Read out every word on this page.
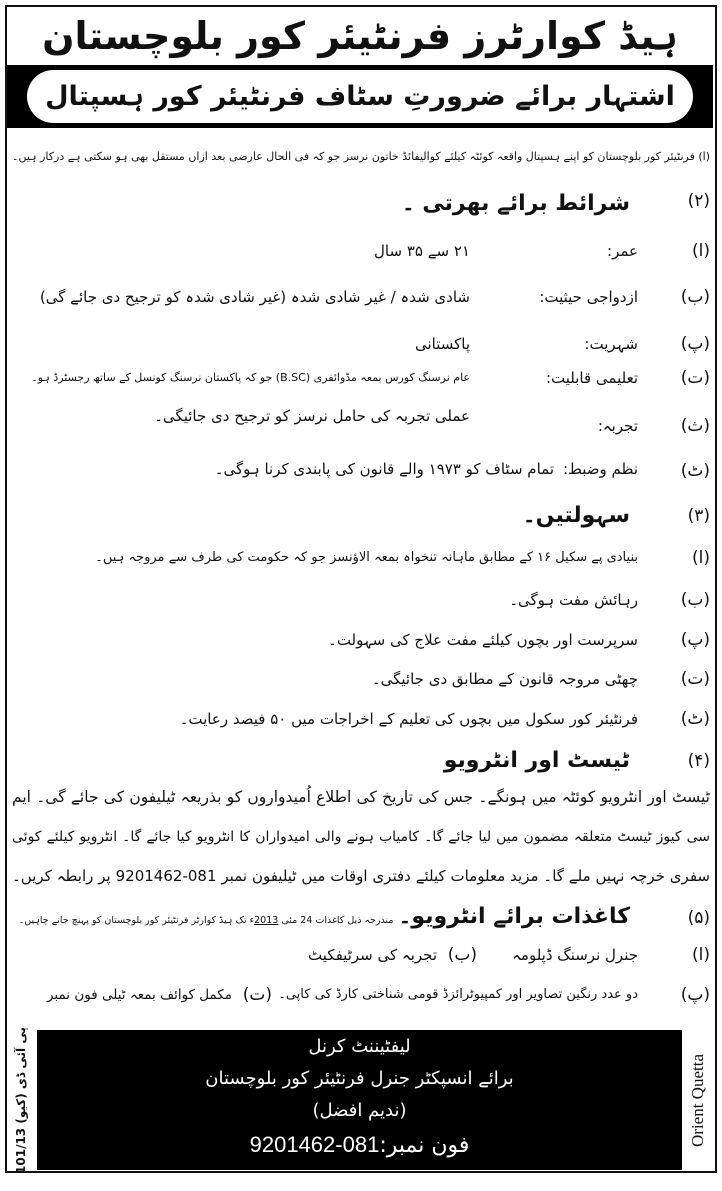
ہیڈ کوارٹرز فرنٹیئر کور بلوچستان
اشتہار برائے ضرورتِ سٹاف فرنٹیئر کور ہسپتال
(ا) فرنٹیئر کور بلوچستان کو اپنے ہسپتال واقعہ کوئٹہ کیلئے کوالیفائڈ خاتون نرسز جو کہ فی الحال عارضی بعد ازاں مستقل بھی ہو سکتی ہے درکار ہیں۔
(۲)
شرائط برائے بھرتی ۔
(ا)
عمر:
۲۱ سے ۳۵ سال
(ب)
ازدواجی حیثیت:
شادی شدہ / غیر شادی شدہ (غیر شادی شدہ کو ترجیح دی جائے گی)
(پ)
شہریت:
پاکستانی
(ت)
تعلیمی قابلیت:
عام نرسنگ کورس بمعہ مڈوائفری (B.SC) جو کہ پاکستان نرسنگ کونسل کے ساتھ رجسٹرڈ ہو۔
(ث)
تجربہ:
عملی تجربہ کی حامل نرسز کو ترجیح دی جائیگی۔
(ٹ)
نظم وضبط:
تمام سٹاف کو ۱۹۷۳ والے قانون کی پابندی کرنا ہوگی۔
(۳)
سہولتیں۔
(ا)
بنیادی پے سکیل ۱۶ کے مطابق ماہانہ تنخواہ بمعہ الاؤنسز جو کہ حکومت کی طرف سے مروجہ ہیں۔
(ب)
رہائش مفت ہوگی۔
(پ)
سرپرست اور بچوں کیلئے مفت علاج کی سہولت۔
(ت)
چھٹی مروجہ قانون کے مطابق دی جائیگی۔
(ٹ)
فرنٹیئر کور سکول میں بچوں کی تعلیم کے اخراجات میں ۵۰ فیصد رعایت۔
(۴)
ٹیسٹ اور انٹرویو
ٹیسٹ اور انٹرویو کوئٹہ میں ہونگے۔ جس کی تاریخ کی اطلاع اُمیدواروں کو بذریعہ ٹیلیفون کی جائے گی۔ ایم
سی کیوز ٹیسٹ متعلقہ مضمون میں لیا جائے گا۔ کامیاب ہونے والی امیدواران کا انٹرویو کیا جائے گا۔ انٹرویو کیلئے کوئی
سفری خرچہ نہیں ملے گا۔ مزید معلومات کیلئے دفتری اوقات میں ٹیلیفون نمبر 081-9201462 پر رابطہ کریں۔
(۵)
کاغذات برائے انٹرویو۔ مندرجہ ذیل کاغذات 24 مئی 2013ء تک ہیڈ کوارٹر فرنٹیئر کور بلوچستان کو پہنچ جانے چاہیں۔
(ا)
جنرل نرسنگ ڈپلومہ
(ب)
تجربہ کی سرٹیفکیٹ
(پ)
دو عدد رنگین تصاویر اور کمپیوٹرائزڈ قومی شناختی کارڈ کی کاپی۔
(ت)
مکمل کوائف بمعہ ٹیلی فون نمبر
پی آئی ڈی (کیو) 101/13	لیفٹیننٹ کرنل
برائے انسپکٹر جنرل فرنٹیئر کور بلوچستان
(ندیم افضل)
فون نمبر:081-9201462	Orient Quetta
